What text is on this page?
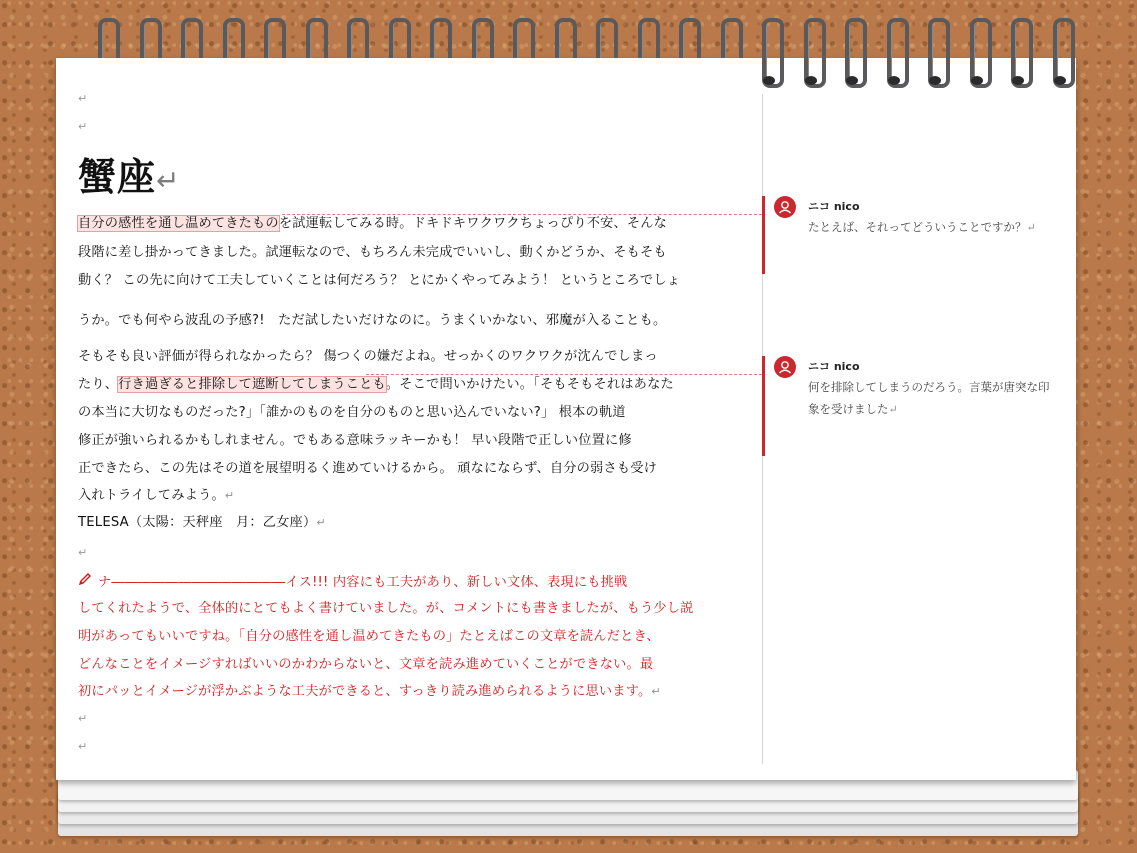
↵
↵
蟹座↵
自分の感性を通し温めてきたものを試運転してみる時。ドキドキワクワクちょっぴり不安、そんな
段階に差し掛かってきました。試運転なので、もちろん未完成でいいし、動くかどうか、そもそも
動く？ この先に向けて工夫していくことは何だろう？ とにかくやってみよう！ というところでしょ
うか。でも何やら波乱の予感?!　ただ試したいだけなのに。うまくいかない、邪魔が入ることも。
そもそも良い評価が得られなかったら？ 傷つくの嫌だよね。せっかくのワクワクが沈んでしまっ
たり、行き過ぎると排除して遮断してしまうことも。そこで問いかけたい。「そもそもそれはあなた
の本当に大切なものだった?」「誰かのものを自分のものと思い込んでいない?」 根本の軌道
修正が強いられるかもしれません。でもある意味ラッキーかも！ 早い段階で正しい位置に修
正できたら、この先はその道を展望明るく進めていけるから。 頑なにならず、自分の弱さも受け
入れトライしてみよう。↵
TELESA（太陽：天秤座　月：乙女座）↵
↵
ナ―――――――――――――イス!!! 内容にも工夫があり、新しい文体、表現にも挑戦
してくれたようで、全体的にとてもよく書けていました。が、コメントにも書きましたが、もう少し説
明があってもいいですね。「自分の感性を通し温めてきたもの」たとえばこの文章を読んだとき、
どんなことをイメージすればいいのかわからないと、文章を読み進めていくことができない。最
初にパッとイメージが浮かぶような工夫ができると、すっきり読み進められるように思います。↵
↵
↵
ニコ nico
たとえば、それってどういうことですか？↵
ニコ nico
何を排除してしまうのだろう。言葉が唐突な印
象を受けました↵
